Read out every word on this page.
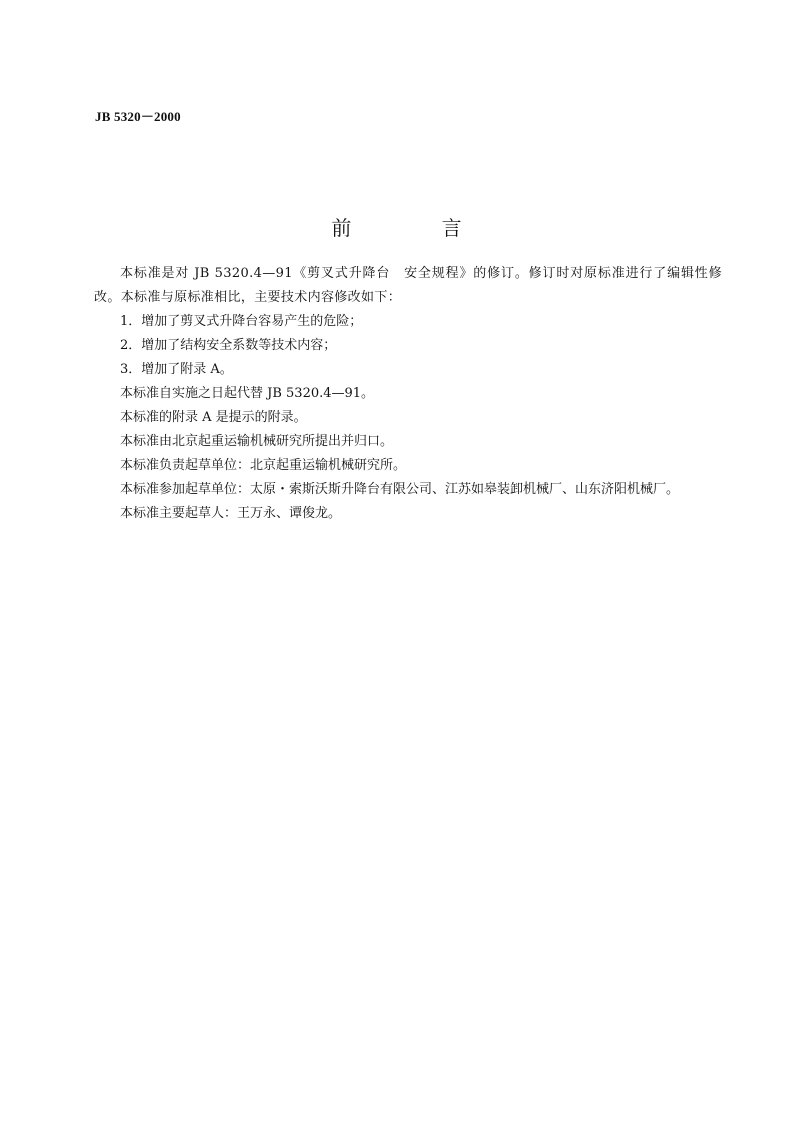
JB 5320－2000
前 言

本标准是对 JB 5320.4—91《剪叉式升降台　安全规程》的修订。修订时对原标准进行了编辑性修改。本标准与原标准相比，主要技术内容修改如下：

1．增加了剪叉式升降台容易产生的危险；

2．增加了结构安全系数等技术内容；

3．增加了附录 A。

本标准自实施之日起代替 JB 5320.4—91。

本标准的附录 A 是提示的附录。

本标准由北京起重运输机械研究所提出并归口。

本标准负责起草单位：北京起重运输机械研究所。

本标准参加起草单位：太原・索斯沃斯升降台有限公司、江苏如皋装卸机械厂、山东济阳机械厂。

本标准主要起草人：王万永、谭俊龙。
